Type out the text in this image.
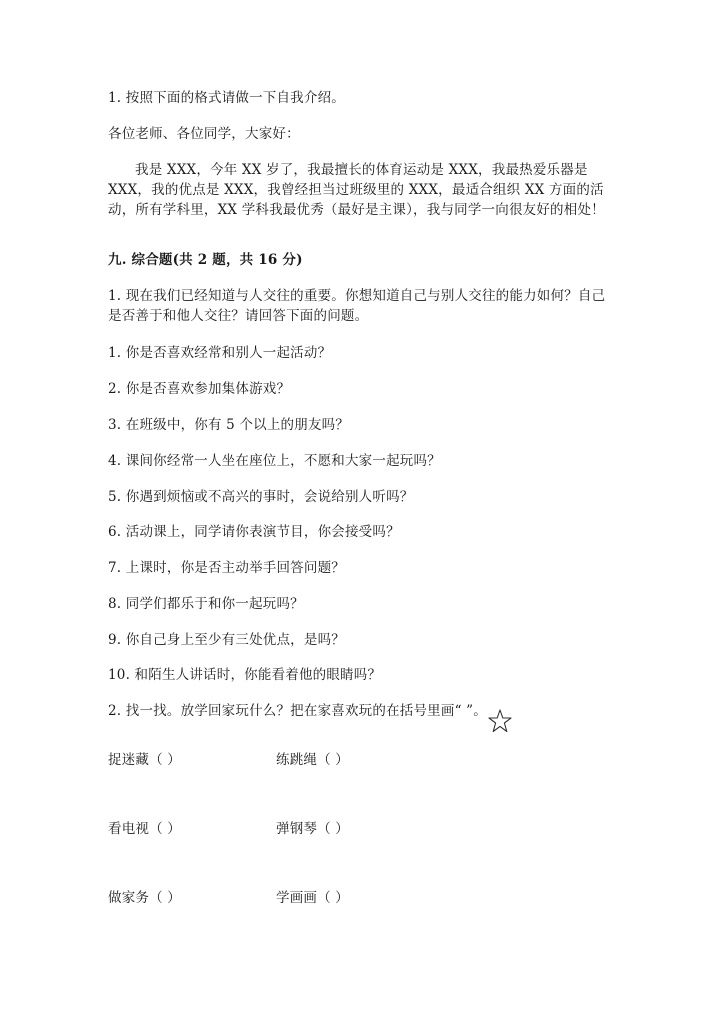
1. 按照下面的格式请做一下自我介绍。
各位老师、各位同学，大家好：
我是 XXX，今年 XX 岁了，我最擅长的体育运动是 XXX，我最热爱乐器是 XXX，我的优点是 XXX，我曾经担当过班级里的 XXX，最适合组织 XX 方面的活动，所有学科里，XX 学科我最优秀（最好是主课），我与同学一向很友好的相处！
九. 综合题(共 2 题，共 16 分)
1. 现在我们已经知道与人交往的重要。你想知道自己与别人交往的能力如何？自己是否善于和他人交往？请回答下面的问题。
1. 你是否喜欢经常和别人一起活动？
2. 你是否喜欢参加集体游戏？
3. 在班级中，你有 5 个以上的朋友吗？
4. 课间你经常一人坐在座位上，不愿和大家一起玩吗？
5. 你遇到烦恼或不高兴的事时，会说给别人听吗？
6. 活动课上，同学请你表演节目，你会接受吗？
7. 上课时，你是否主动举手回答问题？
8. 同学们都乐于和你一起玩吗？
9. 你自己身上至少有三处优点，是吗？
10. 和陌生人讲话时，你能看着他的眼睛吗？
2. 找一找。放学回家玩什么？把在家喜欢玩的在括号里画“ ”。
捉迷藏（ ）	练跳绳（ ）
看电视（ ）	弹钢琴（ ）
做家务（ ）	学画画（ ）
